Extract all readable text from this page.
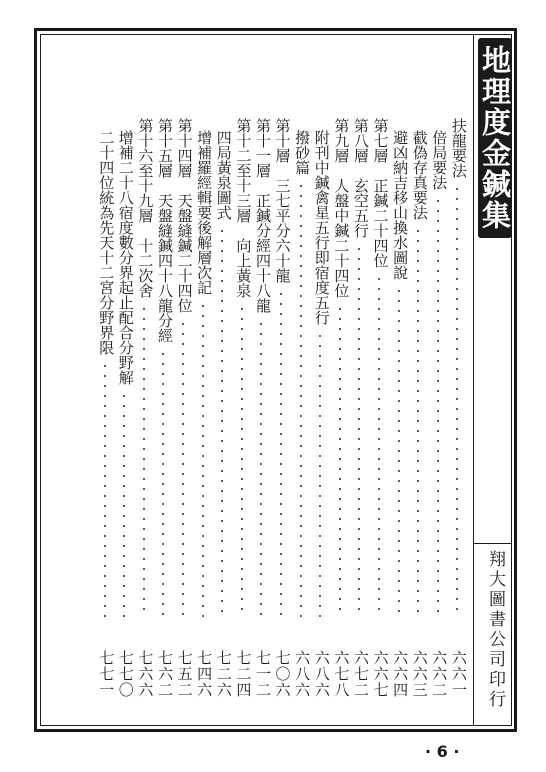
地理度金鍼集
翔大圖書公司印行
扶龍要法
六六一
倍局要法
六六二
截偽存真要法
六六三
避凶納吉移山換水圖說
六六四
第七層　正鍼二十四位
六六七
第八層　玄空五行
六七二
第九層　人盤中鍼二十四位
六七八
附刊中鍼禽星五行即宿度五行
六八六
撥砂篇
六八六
第十層　三七平分六十龍
七〇六
第十一層　正鍼分經四十八龍
七一二
第十二至十三層　向上黃泉
七二四
四局黃泉圖式
七二六
增補羅經輯要後解層次記
七四六
第十四層　天盤縫鍼二十四位
七五二
第十五層　天盤縫鍼四十八龍分經
七六二
第十六至十九層　十二次舍
七六六
增補二十八宿度數分界起止配合分野解
七七〇
二十四位統為先天十二宮分野界限
七七一
· 6 ·
